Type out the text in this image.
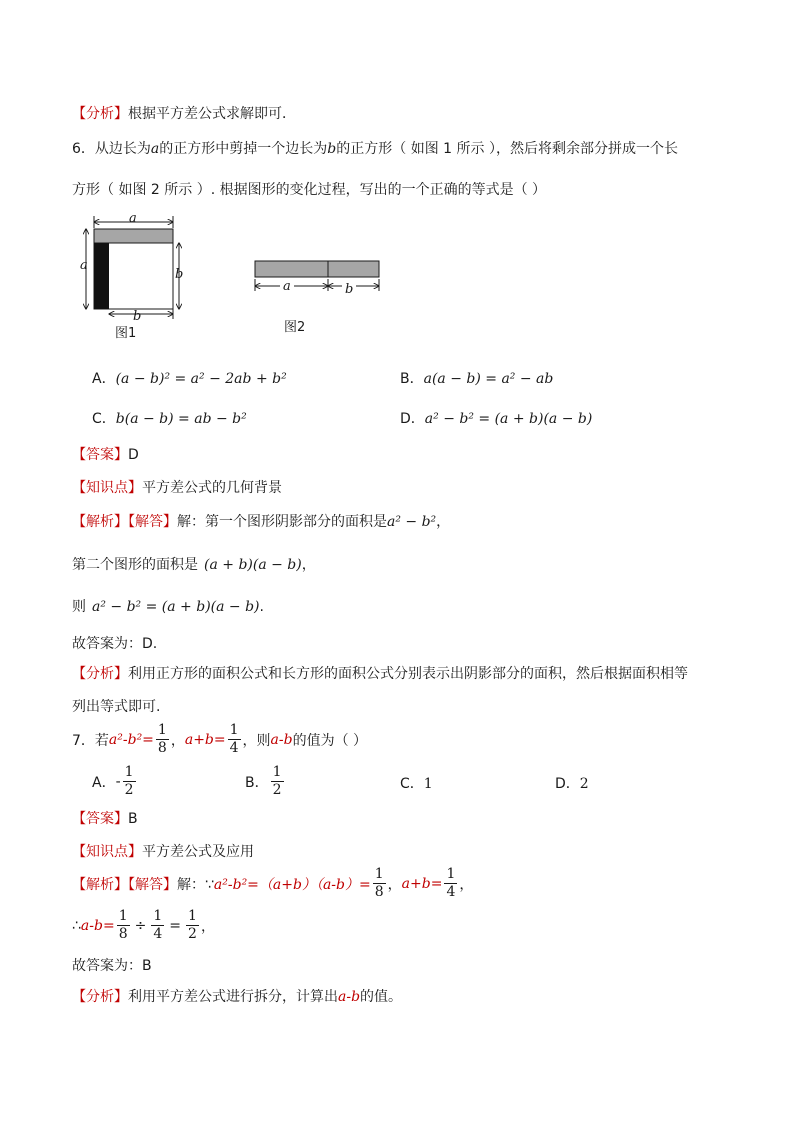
【分析】根据平方差公式求解即可．
6．从边长为a的正方形中剪掉一个边长为b的正方形（ 如图 1 所示 ），然后将剩余部分拼成一个长
方形（ 如图 2 所示 ）. 根据图形的变化过程，写出的一个正确的等式是（ ）
a
a
b
b
图1
a	b
图2
A．(a − b)² = a² − 2ab + b²	B．a(a − b) = a² − ab
C．b(a − b) = ab − b²	D．a² − b² = (a + b)(a − b)
【答案】D
【知识点】平方差公式的几何背景
【解析】【解答】解：第一个图形阴影部分的面积是a² − b²，
第二个图形的面积是 (a + b)(a − b)，
则 a² − b² = (a + b)(a − b).
故答案为：D.
【分析】利用正方形的面积公式和长方形的面积公式分别表示出阴影部分的面积，然后根据面积相等
列出等式即可.
7． 若 $a^2-b^2= \frac{1}{8}$ ， $a+b= \frac{1}{4}$ ，则 a-b 的值为（ ）
A． - $\frac{1}{2}$	B． $\frac{1}{2}$	C．1	D．2
【答案】B
【知识点】平方差公式及应用
【解析】【解答】 解：∵ $a^2-b^2=(a+b)(a-b)= \frac{1}{8}$ ， $a+b= \frac{1}{4}$ ，
∴ $a-b= \frac{1}{8} \div \frac{1}{4} = \frac{1}{2}$ ，
故答案为：B
【分析】利用平方差公式进行拆分，计算出a-b的值。
